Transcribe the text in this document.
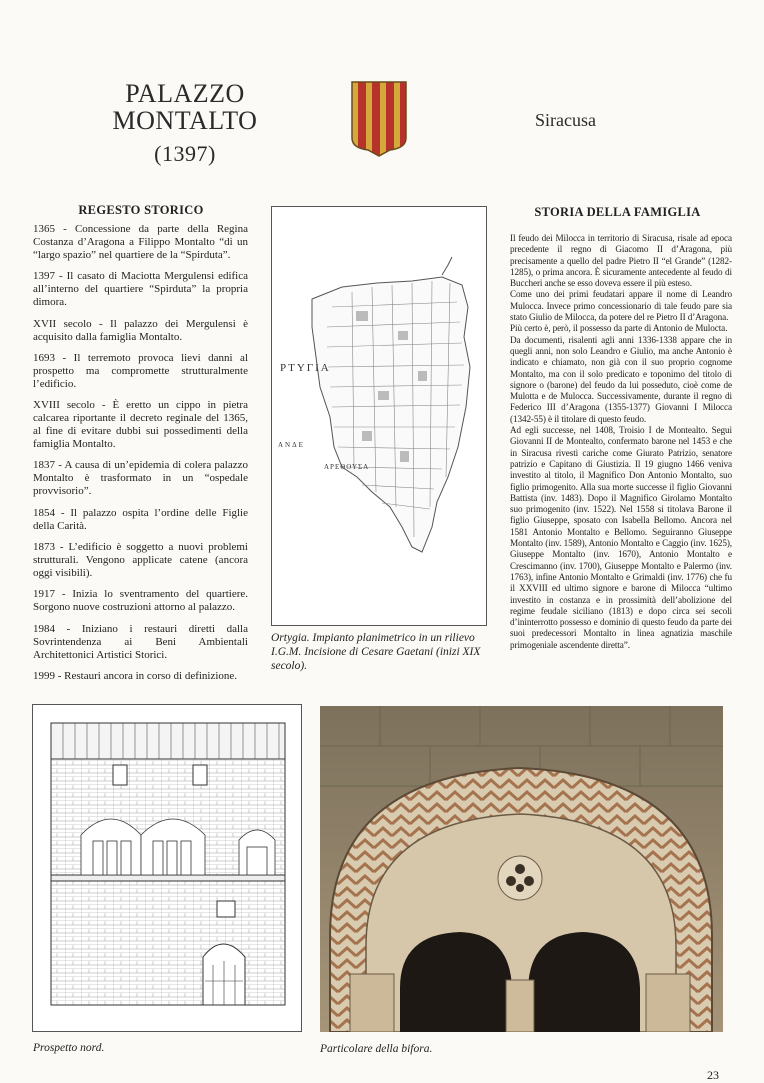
PALAZZO
MONTALTO
(1397)
Siracusa
REGESTO STORICO

1365 - Concessione da parte della Regina Costanza d’Aragona a Filippo Montalto “di un “largo spazio” nel quartiere de la “Spirduta”.

1397 - Il casato di Maciotta Mergulensi edifica all’interno del quartiere “Spirduta” la propria dimora.

XVII secolo - Il palazzo dei Mergulensi è acquisito dalla famiglia Montalto.

1693 - Il terremoto provoca lievi danni al prospetto ma compromette strutturalmente l’edificio.

XVIII secolo - È eretto un cippo in pietra calcarea riportante il decreto reginale del 1365, al fine di evitare dubbi sui possedimenti della famiglia Montalto.

1837 - A causa di un’epidemia di colera palazzo Montalto è trasformato in un “ospedale provvisorio”.

1854 - Il palazzo ospita l’ordine delle Figlie della Carità.

1873 - L’edificio è soggetto a nuovi problemi strutturali. Vengono applicate catene (ancora oggi visibili).

1917 - Inizia lo sventramento del quartiere. Sorgono nuove costruzioni attorno al palazzo.

1984 - Iniziano i restauri diretti dalla Sovrintendenza ai Beni Ambientali Architettonici Artistici Storici.

1999 - Restauri ancora in corso di definizione.

ΡΤΥΓΙΑ
ΑΡΕΘΟΥΣΑ
ΑΝΔΕ
Ortygia. Impianto planimetrico in un rilievo I.G.M. Incisione di Cesare Gaetani (inizi XIX secolo).
STORIA DELLA FAMIGLIA

Il feudo dei Milocca in territorio di Siracusa, risale ad epoca precedente il regno di Giacomo II d’Aragona, più precisamente a quello del padre Pietro II “el Grande” (1282-1285), o prima ancora. È sicuramente antecedente al feudo di Buccheri anche se esso doveva essere il più esteso.

Come uno dei primi feudatari appare il nome di Leandro Mulocca. Invece primo concessionario di tale feudo pare sia stato Giulio de Milocca, da potere del re Pietro II d’Aragona.

Più certo è, però, il possesso da parte di Antonio de Mulocta.

Da documenti, risalenti agli anni 1336-1338 appare che in quegli anni, non solo Leandro e Giulio, ma anche Antonio è indicato e chiamato, non già con il suo proprio cognome Montalto, ma con il solo predicato e toponimo del titolo di signore o (barone) del feudo da lui posseduto, cioè come de Mulotta e de Mulocca. Successivamente, durante il regno di Federico III d’Aragona (1355-1377) Giovanni I Milocca (1342-55) è il titolare di questo feudo.

Ad egli successe, nel 1408, Troisio I de Montealto. Seguì Giovanni II de Montealto, confermato barone nel 1453 e che in Siracusa rivestì cariche come Giurato Patrizio, senatore patrizio e Capitano di Giustizia. Il 19 giugno 1466 veniva investito al titolo, il Magnifico Don Antonio Montalto, suo figlio primogenito. Alla sua morte successe il figlio Giovanni Battista (inv. 1483). Dopo il Magnifico Girolamo Montalto suo primogenito (inv. 1522). Nel 1558 si titolava Barone il figlio Giuseppe, sposato con Isabella Bellomo. Ancora nel 1581 Antonio Montalto e Bellomo. Seguiranno Giuseppe Montalto (inv. 1589), Antonio Montalto e Caggio (inv. 1625), Giuseppe Montalto (inv. 1670), Antonio Montalto e Crescimanno (inv. 1700), Giuseppe Montalto e Palermo (inv. 1763), infine Antonio Montalto e Grimaldi (inv. 1776) che fu il XXVIII ed ultimo signore e barone di Milocca “ultimo investito in costanza e in prossimità dell’abolizione del regime feudale siciliano (1813) e dopo circa sei secoli d’ininterrotto possesso e dominio di questo feudo da parte dei suoi predecessori Montalto in linea agnatizia maschile primogeniale ascendente diretta”.

Prospetto nord.	Particolare della bifora.
23
